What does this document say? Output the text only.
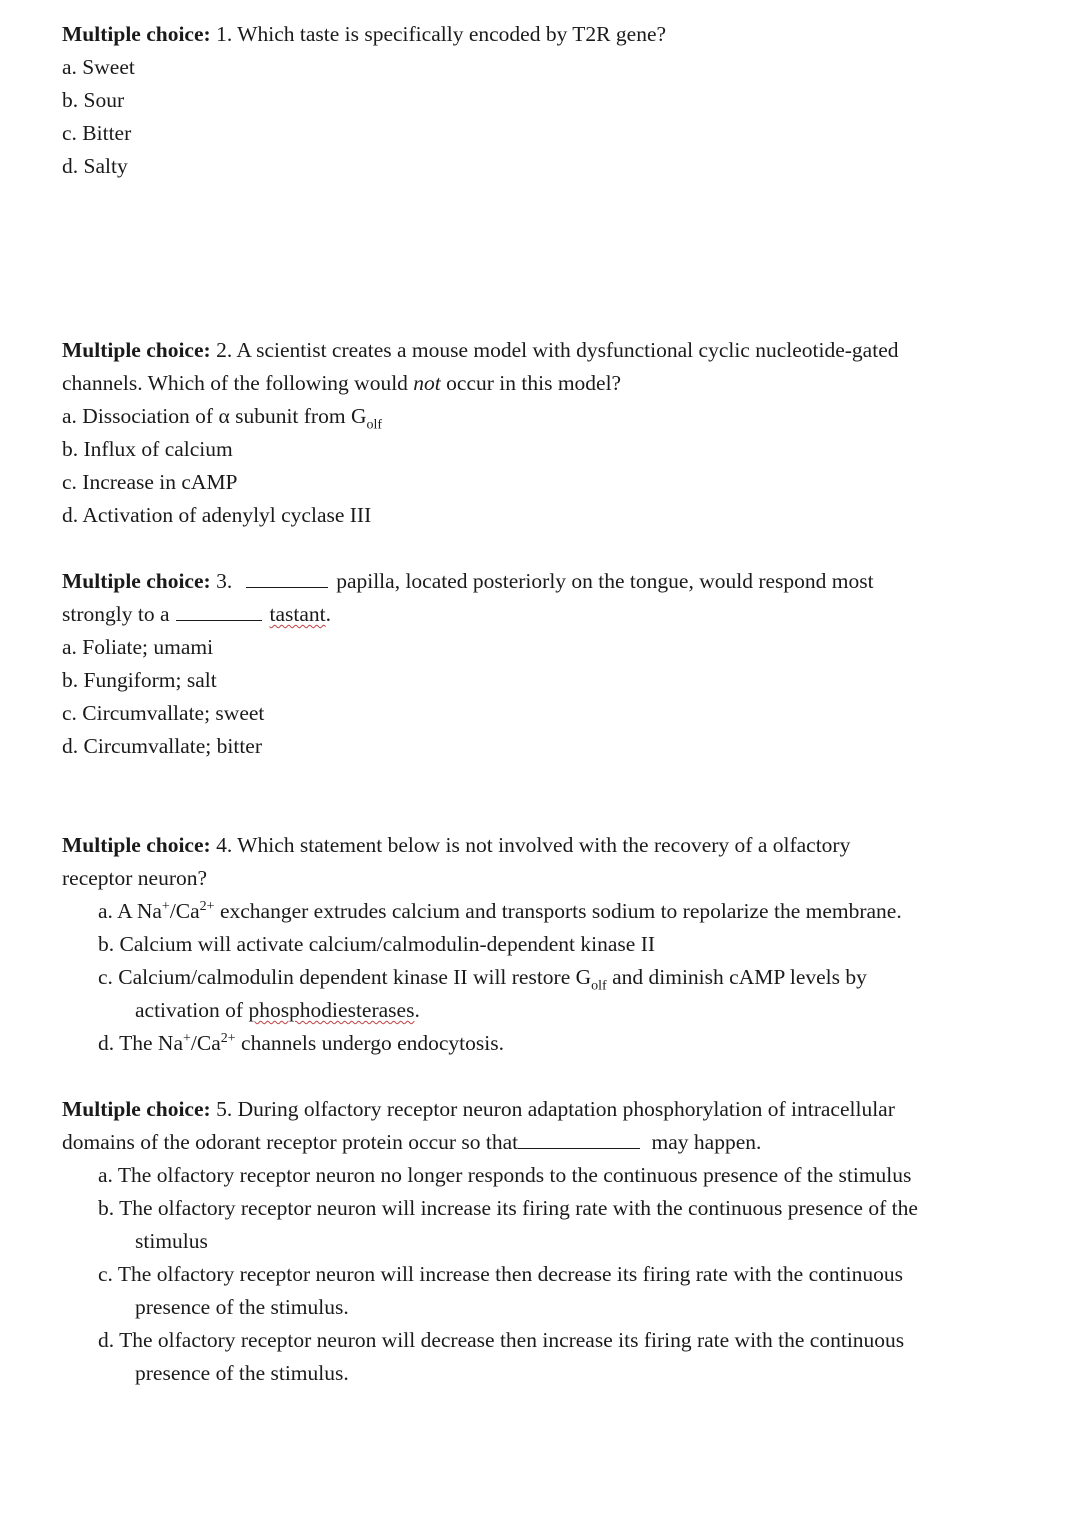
Multiple choice: 1. Which taste is specifically encoded by T2R gene?
a. Sweet
b. Sour
c. Bitter
d. Salty
Multiple choice: 2. A scientist creates a mouse model with dysfunctional cyclic nucleotide-gated
channels. Which of the following would not occur in this model?
a. Dissociation of α subunit from $G_{olf}$
b. Influx of calcium
c. Increase in cAMP
d. Activation of adenylyl cyclase III
Multiple choice: 3.	papilla, located posteriorly on the tongue, would respond most
strongly to a	tastant.
a. Foliate; umami
b. Fungiform; salt
c. Circumvallate; sweet
d. Circumvallate; bitter
Multiple choice: 4. Which statement below is not involved with the recovery of a olfactory
receptor neuron?
a. A $Na^+/Ca^{2+}$ exchanger extrudes calcium and transports sodium to repolarize the membrane.
b. Calcium will activate calcium/calmodulin-dependent kinase II
c. Calcium/calmodulin dependent kinase II will restore $G_{olf}$ and diminish cAMP levels by
activation of phosphodiesterases.
d. The $Na^+/Ca^{2+}$ channels undergo endocytosis.
Multiple choice: 5. During olfactory receptor neuron adaptation phosphorylation of intracellular
domains of the odorant receptor protein occur so that	may happen.
a. The olfactory receptor neuron no longer responds to the continuous presence of the stimulus
b. The olfactory receptor neuron will increase its firing rate with the continuous presence of the
stimulus
c. The olfactory receptor neuron will increase then decrease its firing rate with the continuous
presence of the stimulus.
d. The olfactory receptor neuron will decrease then increase its firing rate with the continuous
presence of the stimulus.
